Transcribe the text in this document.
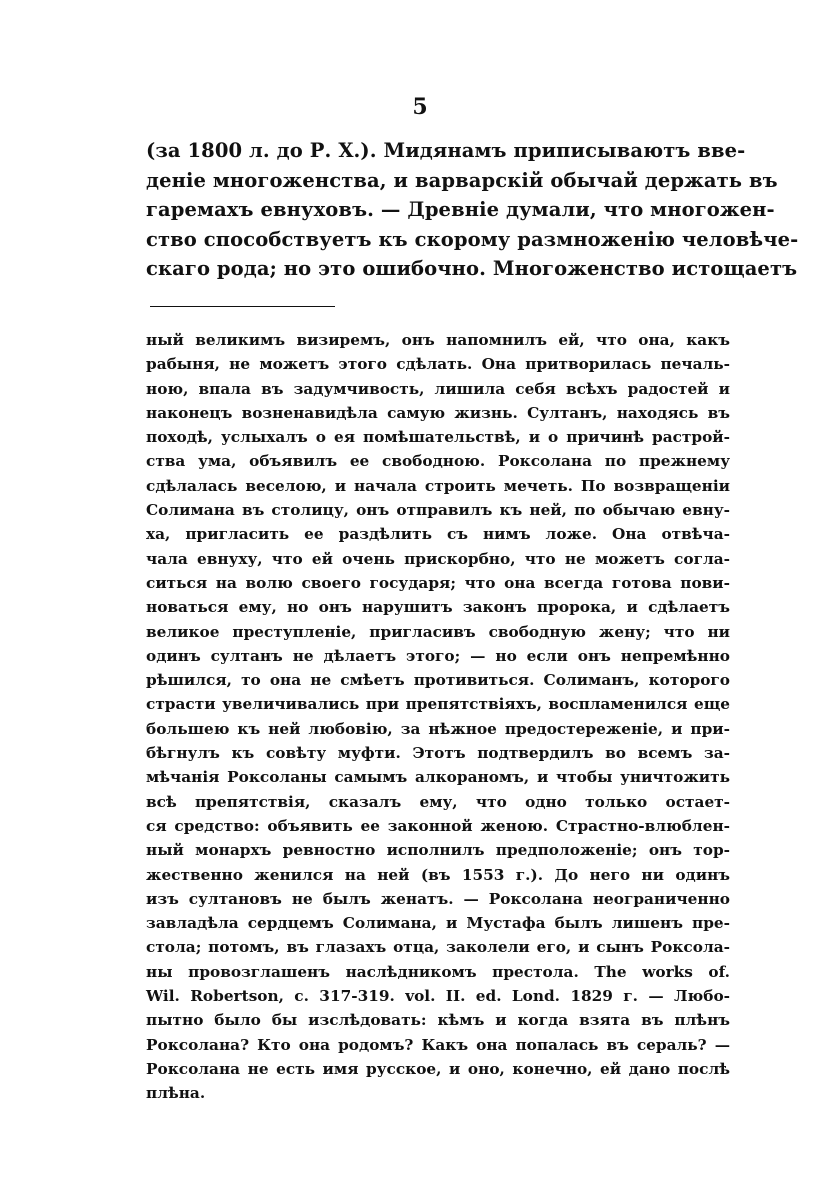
5
(за 1800 л. до Р. Х.). Мидянамъ приписываютъ вве-
деніе многоженства, и варварскій обычай держать въ
гаремахъ евнуховъ. — Древніе думали, что многожен-
ство способствуетъ къ скорому размноженію человѣче-
скаго рода; но это ошибочно. Многоженство истощаетъ
ный великимъ визиремъ, онъ напомнилъ ей, что она, какъ
рабыня, не можетъ этого сдѣлать. Она притворилась печаль-
ною, впала въ задумчивость, лишила себя всѣхъ радостей и
наконецъ возненавидѣла самую жизнь. Султанъ, находясь въ
походѣ, услыхалъ о ея помѣшательствѣ, и о причинѣ растрой-
ства ума, объявилъ ее свободною. Роксолана по прежнему
сдѣлалась веселою, и начала строить мечеть. По возвращеніи
Солимана въ столицу, онъ отправилъ къ ней, по обычаю евну-
ха, пригласить ее раздѣлить съ нимъ ложе. Она отвѣча-
чала евнуху, что ей очень прискорбно, что не можетъ согла-
ситься на волю своего государя; что она всегда готова пови-
новаться ему, но онъ нарушитъ законъ пророка, и сдѣлаетъ
великое преступленіе, пригласивъ свободную жену; что ни
одинъ султанъ не дѣлаетъ этого; — но если онъ непремѣнно
рѣшился, то она не смѣетъ противиться. Солиманъ, которого
страсти увеличивались при препятствіяхъ, воспламенился еще
большею къ ней любовію, за нѣжное предостереженіе, и при-
бѣгнулъ къ совѣту муфти. Этотъ подтвердилъ во всемъ за-
мѣчанія Роксоланы самымъ алкораномъ, и чтобы уничтожить
всѣ препятствія, сказалъ ему, что одно только остает-
ся средство: объявить ее законной женою. Страстно-влюблен-
ный монархъ ревностно исполнилъ предположеніе; онъ тор-
жественно женился на ней (въ 1553 г.). До него ни одинъ
изъ султановъ не былъ женатъ. — Роксолана неограниченно
завладѣла сердцемъ Солимана, и Мустафа былъ лишенъ пре-
стола; потомъ, въ глазахъ отца, заколели его, и сынъ Роксола-
ны провозглашенъ наслѣдникомъ престола. The works of.
Wil. Robertson, c. 317-319. vol. II. ed. Lond. 1829 г. — Любо-
пытно было бы изслѣдовать: кѣмъ и когда взята въ плѣнъ
Роксолана? Кто она родомъ? Какъ она попалась въ сераль? —
Роксолана не есть имя русское, и оно, конечно, ей дано послѣ
плѣна.
